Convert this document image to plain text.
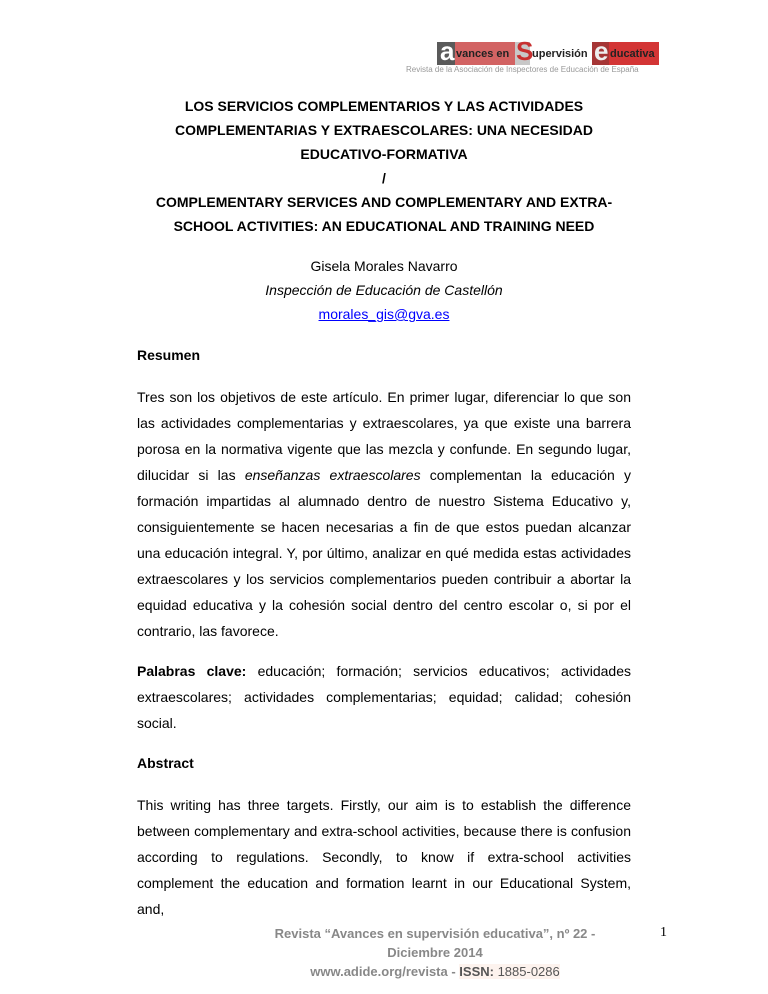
a vances en S
upervisión e ducativa
Revista de la Asociación de Inspectores de Educación de España
LOS SERVICIOS COMPLEMENTARIOS Y LAS ACTIVIDADES
COMPLEMENTARIAS Y EXTRAESCOLARES: UNA NECESIDAD
EDUCATIVO-FORMATIVA
/
COMPLEMENTARY SERVICES AND COMPLEMENTARY AND EXTRA-
SCHOOL ACTIVITIES: AN EDUCATIONAL AND TRAINING NEED
Gisela Morales Navarro
Inspección de Educación de Castellón
morales_gis@gva.es

Resumen

Tres son los objetivos de este artículo. En primer lugar, diferenciar lo que son las actividades complementarias y extraescolares, ya que existe una barrera porosa en la normativa vigente que las mezcla y confunde. En segundo lugar, dilucidar si las enseñanzas extraescolares complementan la educación y formación impartidas al alumnado dentro de nuestro Sistema Educativo y, consiguientemente se hacen necesarias a fin de que estos puedan alcanzar una educación integral. Y, por último, analizar en qué medida estas actividades extraescolares y los servicios complementarios pueden contribuir a abortar la equidad educativa y la cohesión social dentro del centro escolar o, si por el contrario, las favorece.

Palabras clave: educación; formación; servicios educativos; actividades extraescolares; actividades complementarias; equidad; calidad; cohesión social.

Abstract

This writing has three targets. Firstly, our aim is to establish the difference between complementary and extra-school activities, because there is confusion according to regulations. Secondly, to know if extra-school activities complement the education and formation learnt in our Educational System, and,

Revista “Avances en supervisión educativa”, nº 22 - Diciembre 2014
www.adide.org/revista - ISSN: 1885-0286
1
